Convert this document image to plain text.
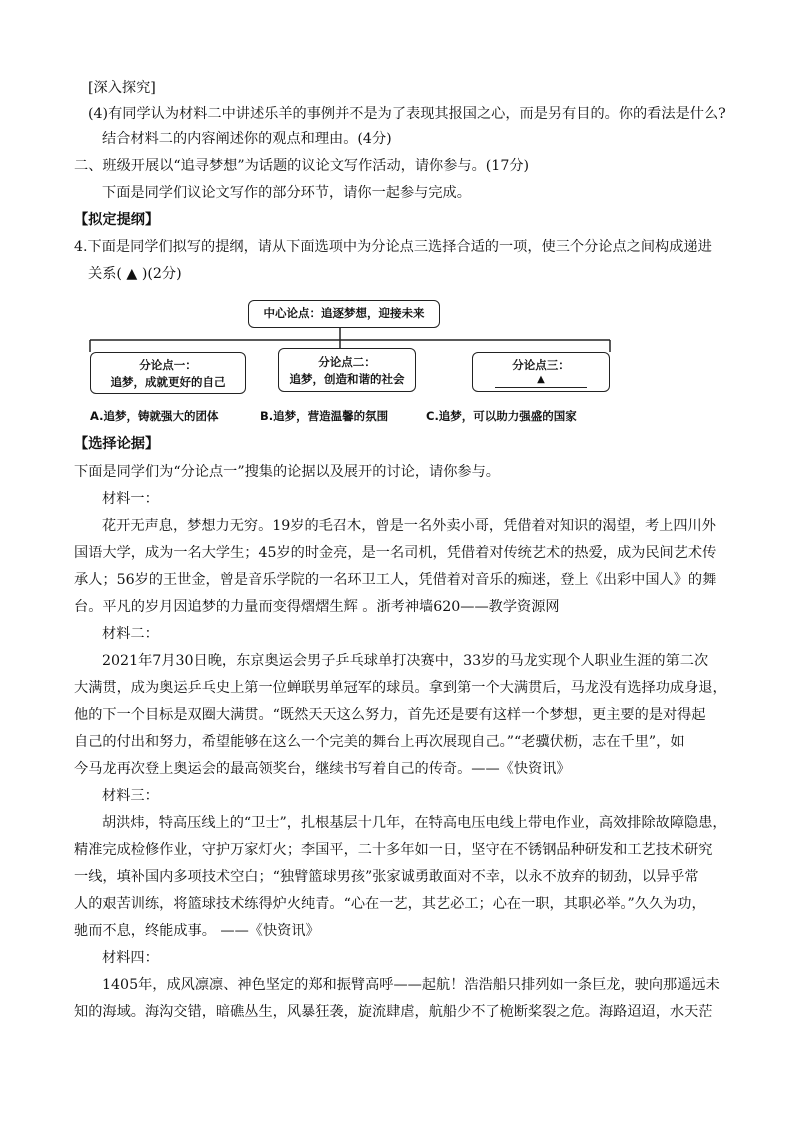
[深入探究]
(4)有同学认为材料二中讲述乐羊的事例并不是为了表现其报国之心，而是另有目的。你的看法是什么?
结合材料二的内容阐述你的观点和理由。(4分)
二、班级开展以“追寻梦想”为话题的议论文写作活动，请你参与。(17分)
下面是同学们议论文写作的部分环节，请你一起参与完成。
【拟定提纲】
4.下面是同学们拟写的提纲，请从下面选项中为分论点三选择合适的一项，使三个分论点之间构成递进
关系( ▲ )(2分)
中心论点：追逐梦想，迎接未来
分论点一：
追梦，成就更好的自己
分论点二：
追梦，创造和谐的社会
分论点三：
▲
A.追梦，铸就强大的团体	B.追梦，营造温馨的氛围	C.追梦，可以助力强盛的国家
【选择论据】
下面是同学们为“分论点一”搜集的论据以及展开的讨论，请你参与。
材料一：
花开无声息，梦想力无穷。19岁的毛召木，曾是一名外卖小哥，凭借着对知识的渴望，考上四川外
国语大学，成为一名大学生；45岁的时金亮，是一名司机，凭借着对传统艺术的热爱，成为民间艺术传
承人；56岁的王世金，曾是音乐学院的一名环卫工人，凭借着对音乐的痴迷，登上《出彩中国人》的舞
台。平凡的岁月因追梦的力量而变得熠熠生辉 。浙考神墙620——教学资源网
材料二：
2021年7月30日晚，东京奥运会男子乒乓球单打决赛中，33岁的马龙实现个人职业生涯的第二次
大满贯，成为奥运乒乓史上第一位蝉联男单冠军的球员。拿到第一个大满贯后，马龙没有选择功成身退，
他的下一个目标是双圈大满贯。“既然天天这么努力，首先还是要有这样一个梦想，更主要的是对得起
自己的付出和努力，希望能够在这么一个完美的舞台上再次展现自己。”“老骥伏枥，志在千里”，如
今马龙再次登上奥运会的最高领奖台，继续书写着自己的传奇。——《快资讯》
材料三：
胡洪炜，特高压线上的“卫士”，扎根基层十几年，在特高电压电线上带电作业，高效排除故障隐患，
精准完成检修作业，守护万家灯火；李国平，二十多年如一日，坚守在不锈钢品种研发和工艺技术研究
一线，填补国内多项技术空白；“独臂篮球男孩”张家诚勇敢面对不幸，以永不放弃的韧劲，以异乎常
人的艰苦训练，将篮球技术练得炉火纯青。“心在一艺，其艺必工；心在一职，其职必举。”久久为功，
驰而不息，终能成事。 ——《快资讯》
材料四：
1405年，成风凛凛、神色坚定的郑和振臂高呼——起航！浩浩船只排列如一条巨龙，驶向那遥远未
知的海域。海沟交错，暗礁丛生，风暴狂袭，旋流肆虐，航船少不了桅断桨裂之危。海路迢迢，水天茫
